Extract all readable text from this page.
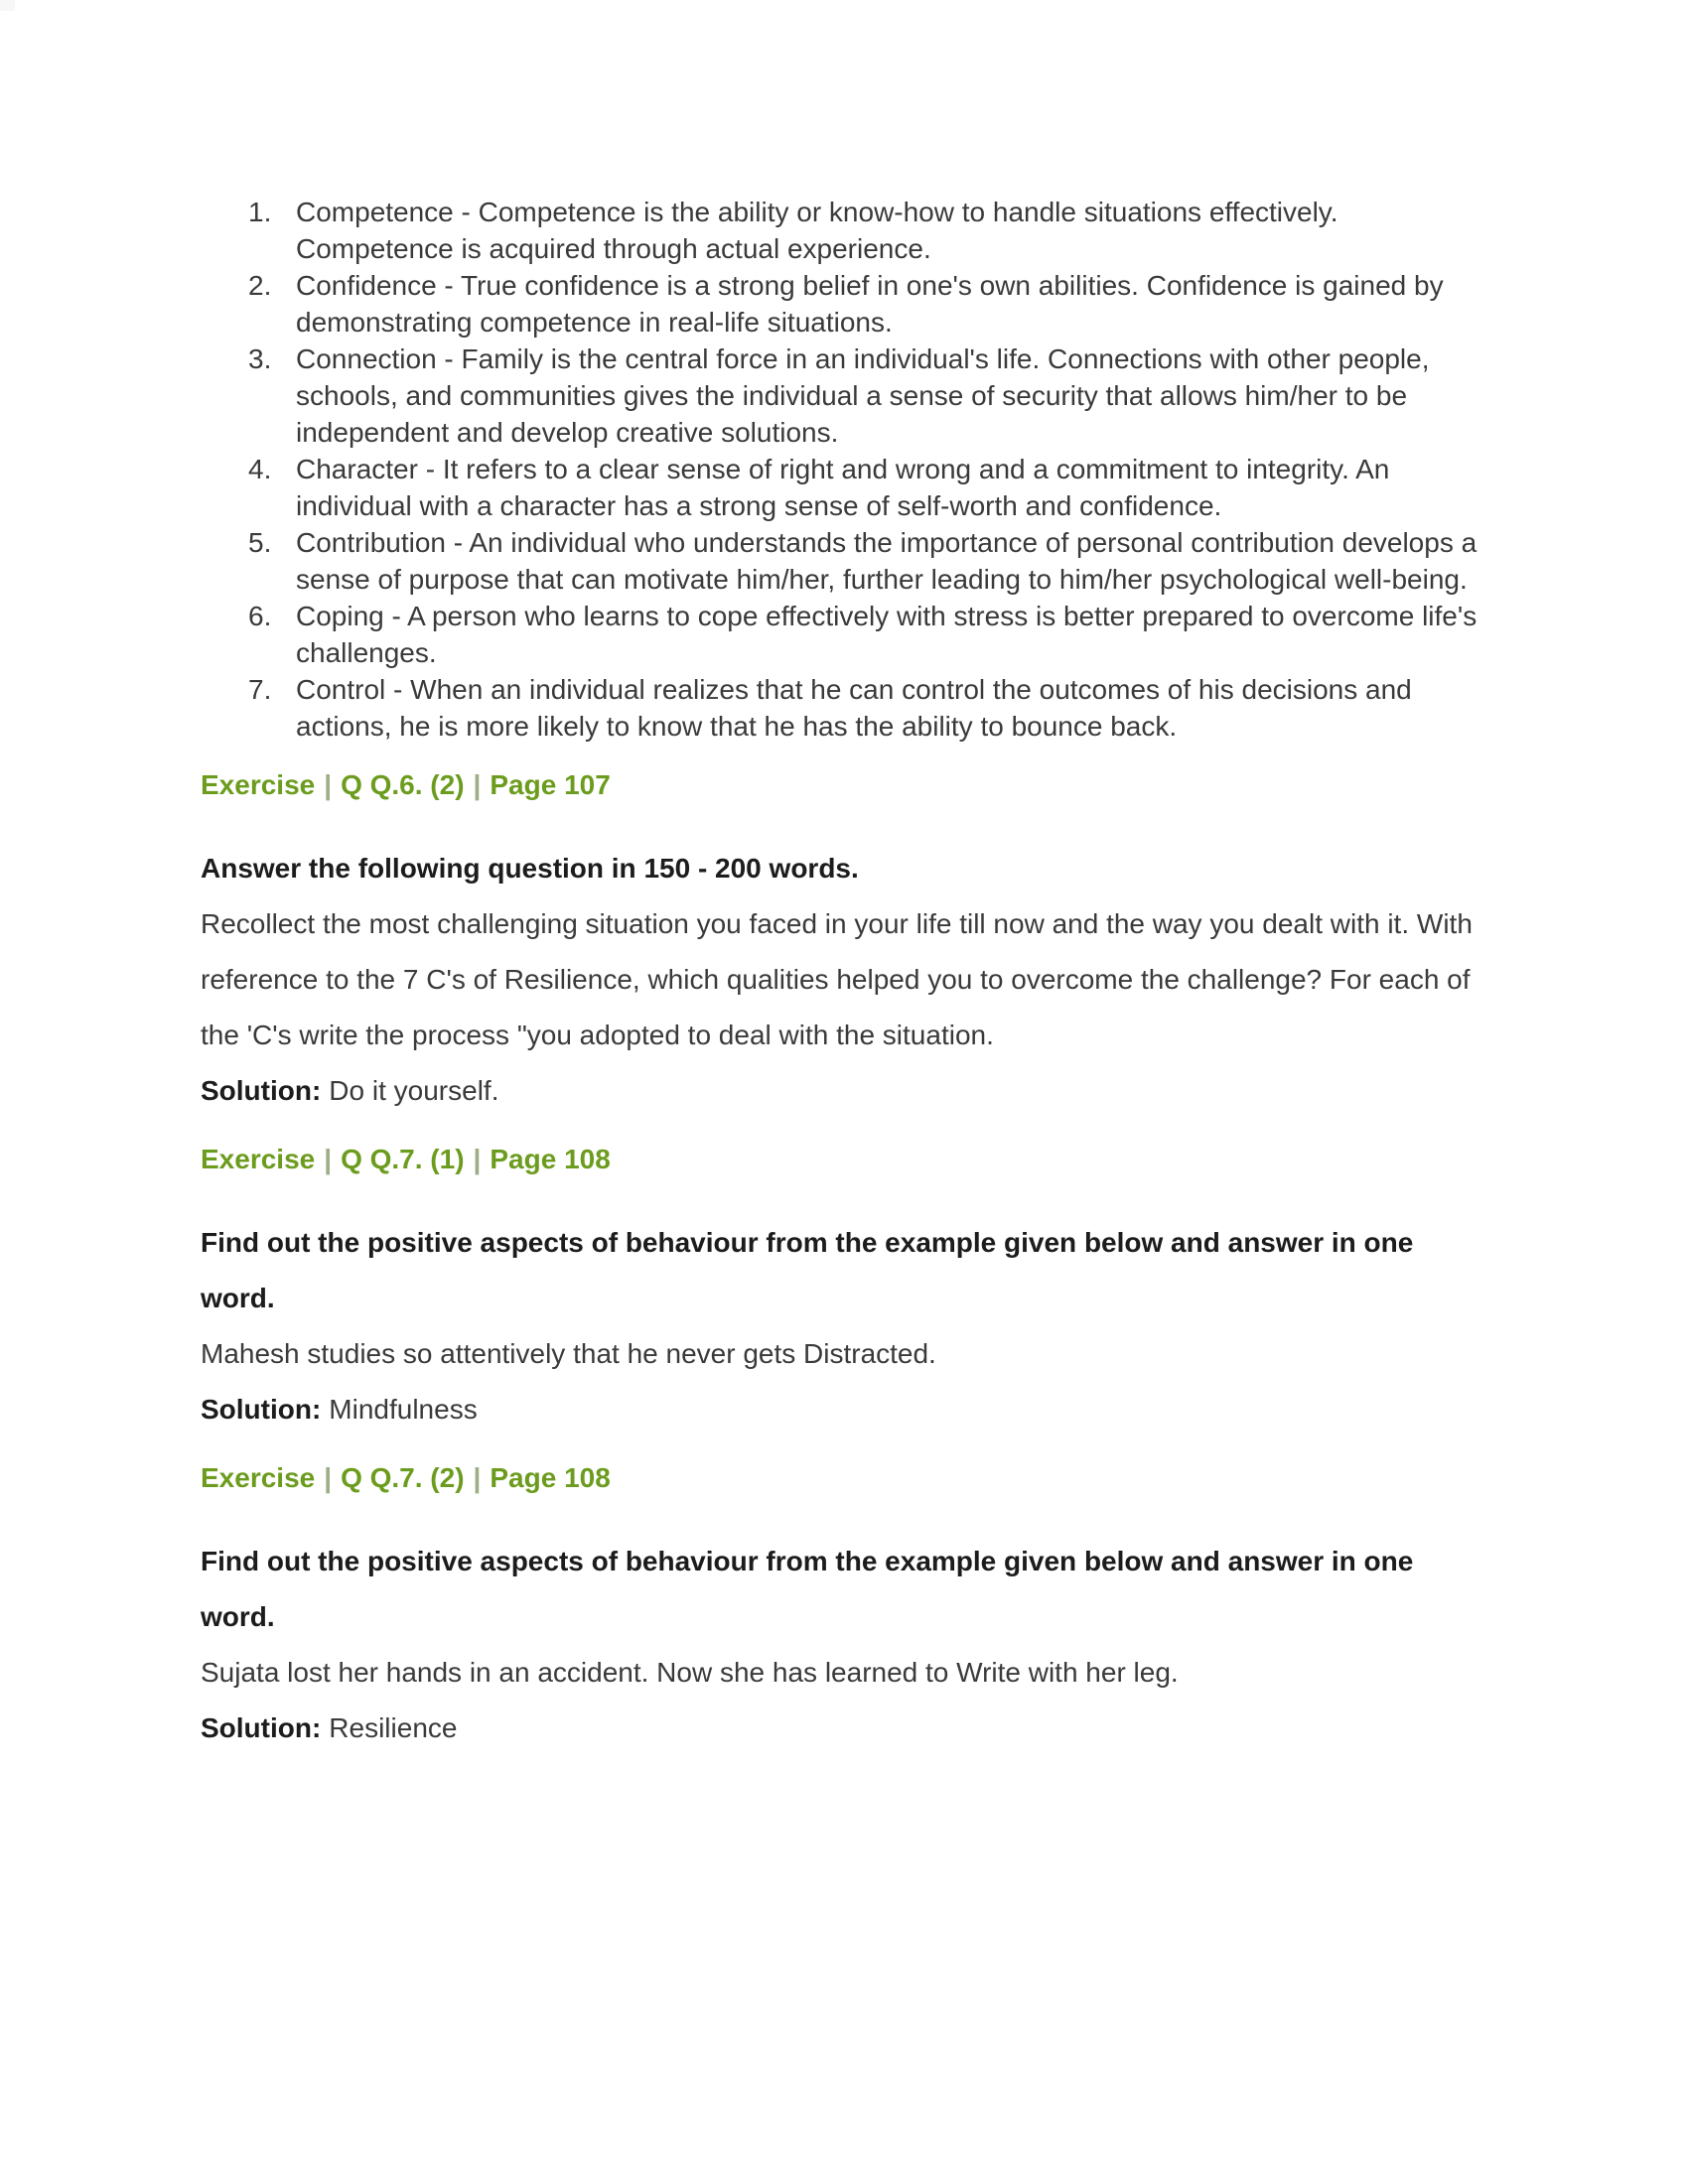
1. Competence - Competence is the ability or know-how to handle situations effectively. Competence is acquired through actual experience.
2. Confidence - True confidence is a strong belief in one's own abilities. Confidence is gained by demonstrating competence in real-life situations.
3. Connection - Family is the central force in an individual's life. Connections with other people, schools, and communities gives the individual a sense of security that allows him/her to be independent and develop creative solutions.
4. Character - It refers to a clear sense of right and wrong and a commitment to integrity. An individual with a character has a strong sense of self-worth and confidence.
5. Contribution - An individual who understands the importance of personal contribution develops a sense of purpose that can motivate him/her, further leading to him/her psychological well-being.
6. Coping - A person who learns to cope effectively with stress is better prepared to overcome life's challenges.
7. Control - When an individual realizes that he can control the outcomes of his decisions and actions, he is more likely to know that he has the ability to bounce back.
Exercise | Q Q.6. (2) | Page 107

Answer the following question in 150 - 200 words.

Recollect the most challenging situation you faced in your life till now and the way you dealt with it. With reference to the 7 C's of Resilience, which qualities helped you to overcome the challenge? For each of the 'C's write the process "you adopted to deal with the situation.

Solution: Do it yourself.

Exercise | Q Q.7. (1) | Page 108

Find out the positive aspects of behaviour from the example given below and answer in one word.

Mahesh studies so attentively that he never gets Distracted.

Solution: Mindfulness

Exercise | Q Q.7. (2) | Page 108

Find out the positive aspects of behaviour from the example given below and answer in one word.

Sujata lost her hands in an accident. Now she has learned to Write with her leg.

Solution: Resilience
